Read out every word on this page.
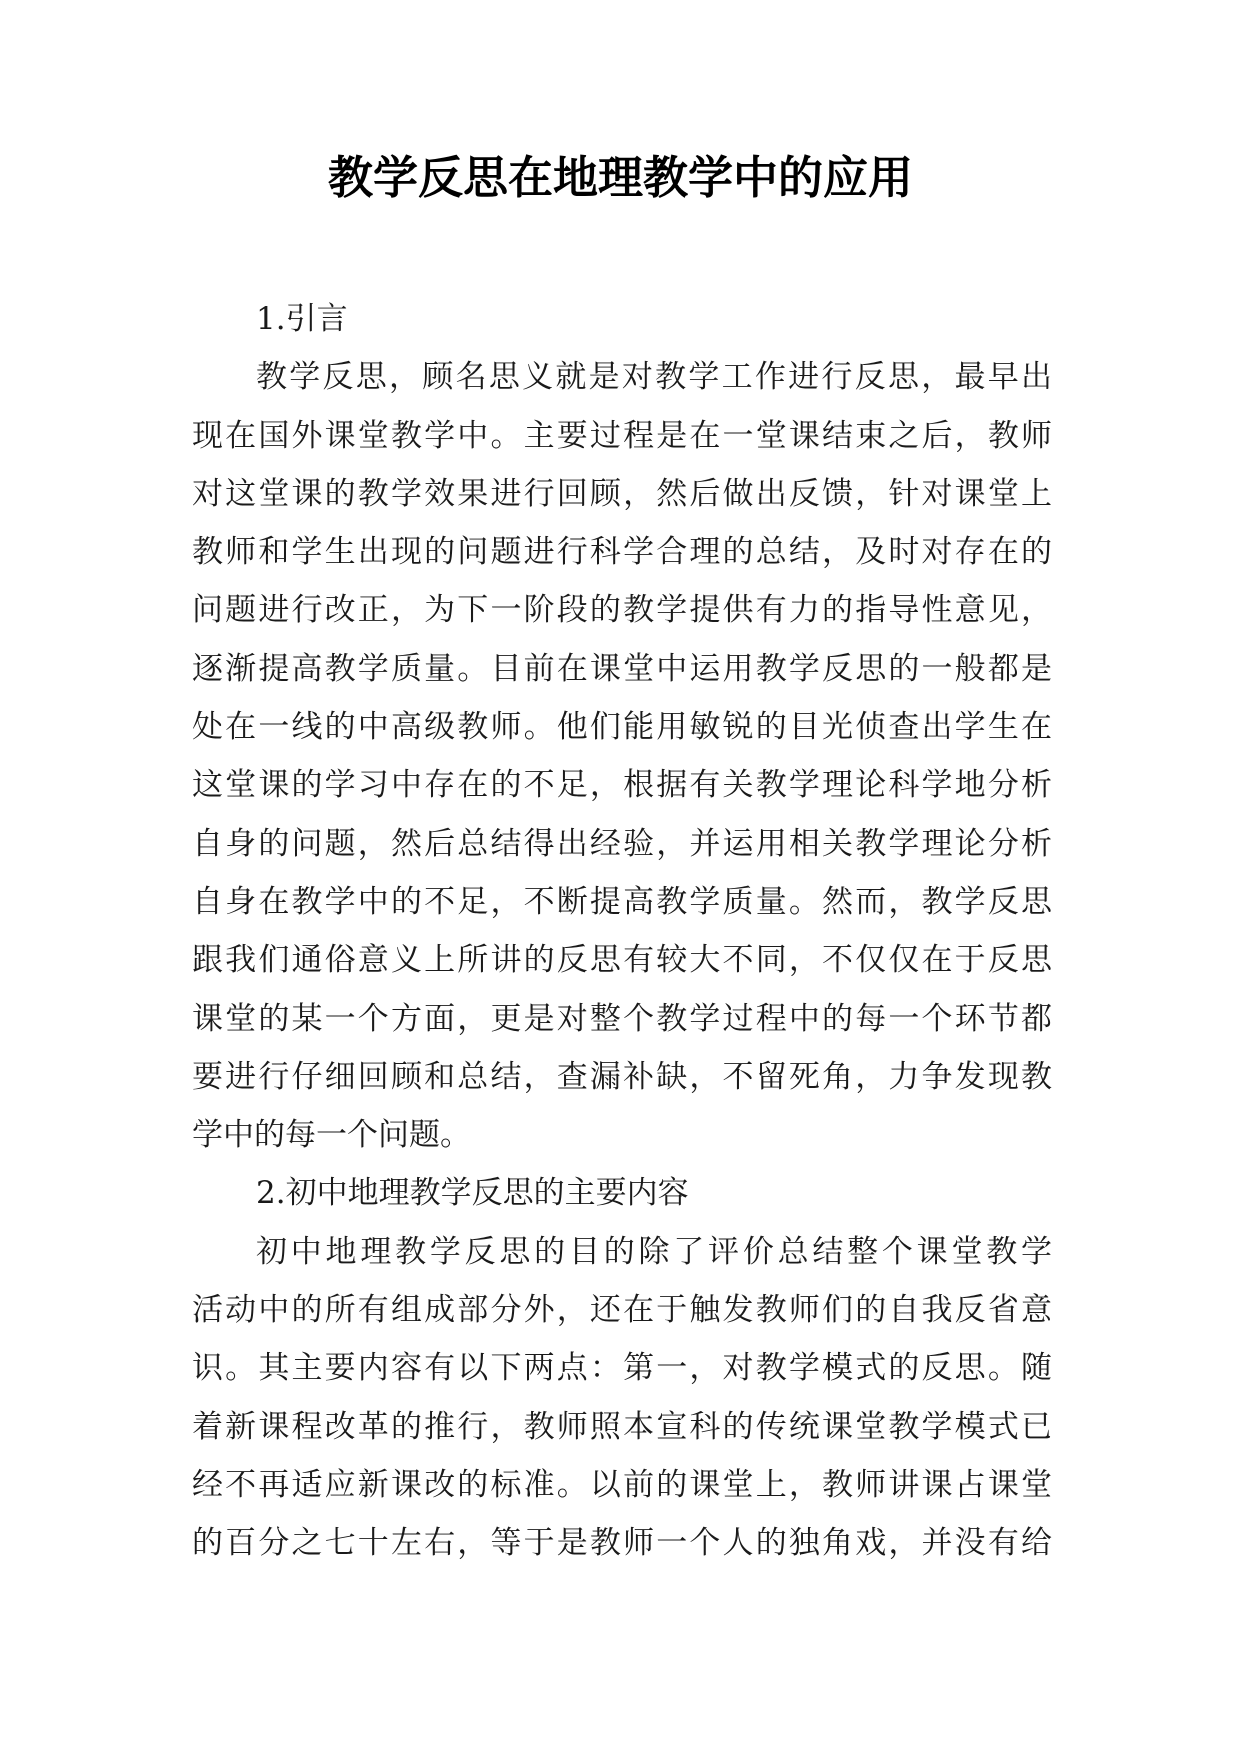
教学反思在地理教学中的应用
1.引言
教学反思，顾名思义就是对教学工作进行反思，最早出
现在国外课堂教学中。主要过程是在一堂课结束之后，教师
对这堂课的教学效果进行回顾，然后做出反馈，针对课堂上
教师和学生出现的问题进行科学合理的总结，及时对存在的
问题进行改正，为下一阶段的教学提供有力的指导性意见，
逐渐提高教学质量。目前在课堂中运用教学反思的一般都是
处在一线的中高级教师。他们能用敏锐的目光侦查出学生在
这堂课的学习中存在的不足，根据有关教学理论科学地分析
自身的问题，然后总结得出经验，并运用相关教学理论分析
自身在教学中的不足，不断提高教学质量。然而，教学反思
跟我们通俗意义上所讲的反思有较大不同，不仅仅在于反思
课堂的某一个方面，更是对整个教学过程中的每一个环节都
要进行仔细回顾和总结，查漏补缺，不留死角，力争发现教
学中的每一个问题。
2.初中地理教学反思的主要内容
初中地理教学反思的目的除了评价总结整个课堂教学
活动中的所有组成部分外，还在于触发教师们的自我反省意
识。其主要内容有以下两点：第一，对教学模式的反思。随
着新课程改革的推行，教师照本宣科的传统课堂教学模式已
经不再适应新课改的标准。以前的课堂上，教师讲课占课堂
的百分之七十左右，等于是教师一个人的独角戏，并没有给
